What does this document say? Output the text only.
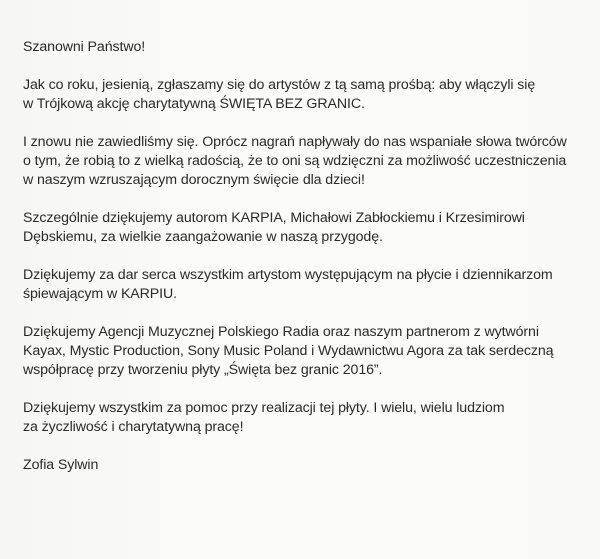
Szanowni Państwo!

Jak co roku, jesienią, zgłaszamy się do artystów z tą samą prośbą: aby włączyli się
w Trójkową akcję charytatywną ŚWIĘTA BEZ GRANIC.

I znowu nie zawiedliśmy się. Oprócz nagrań napływały do nas wspaniałe słowa twórców
o tym, że robią to z wielką radością, że to oni są wdzięczni za możliwość uczestniczenia
w naszym wzruszającym dorocznym święcie dla dzieci!

Szczególnie dziękujemy autorom KARPIA, Michałowi Zabłockiemu i Krzesimirowi
Dębskiemu, za wielkie zaangażowanie w naszą przygodę.

Dziękujemy za dar serca wszystkim artystom występującym na płycie i dziennikarzom
śpiewającym w KARPIU.

Dziękujemy Agencji Muzycznej Polskiego Radia oraz naszym partnerom z wytwórni
Kayax, Mystic Production, Sony Music Poland i Wydawnictwu Agora za tak serdeczną
współpracę przy tworzeniu płyty „Święta bez granic 2016”.

Dziękujemy wszystkim za pomoc przy realizacji tej płyty. I wielu, wielu ludziom
za życzliwość i charytatywną pracę!

Zofia Sylwin
